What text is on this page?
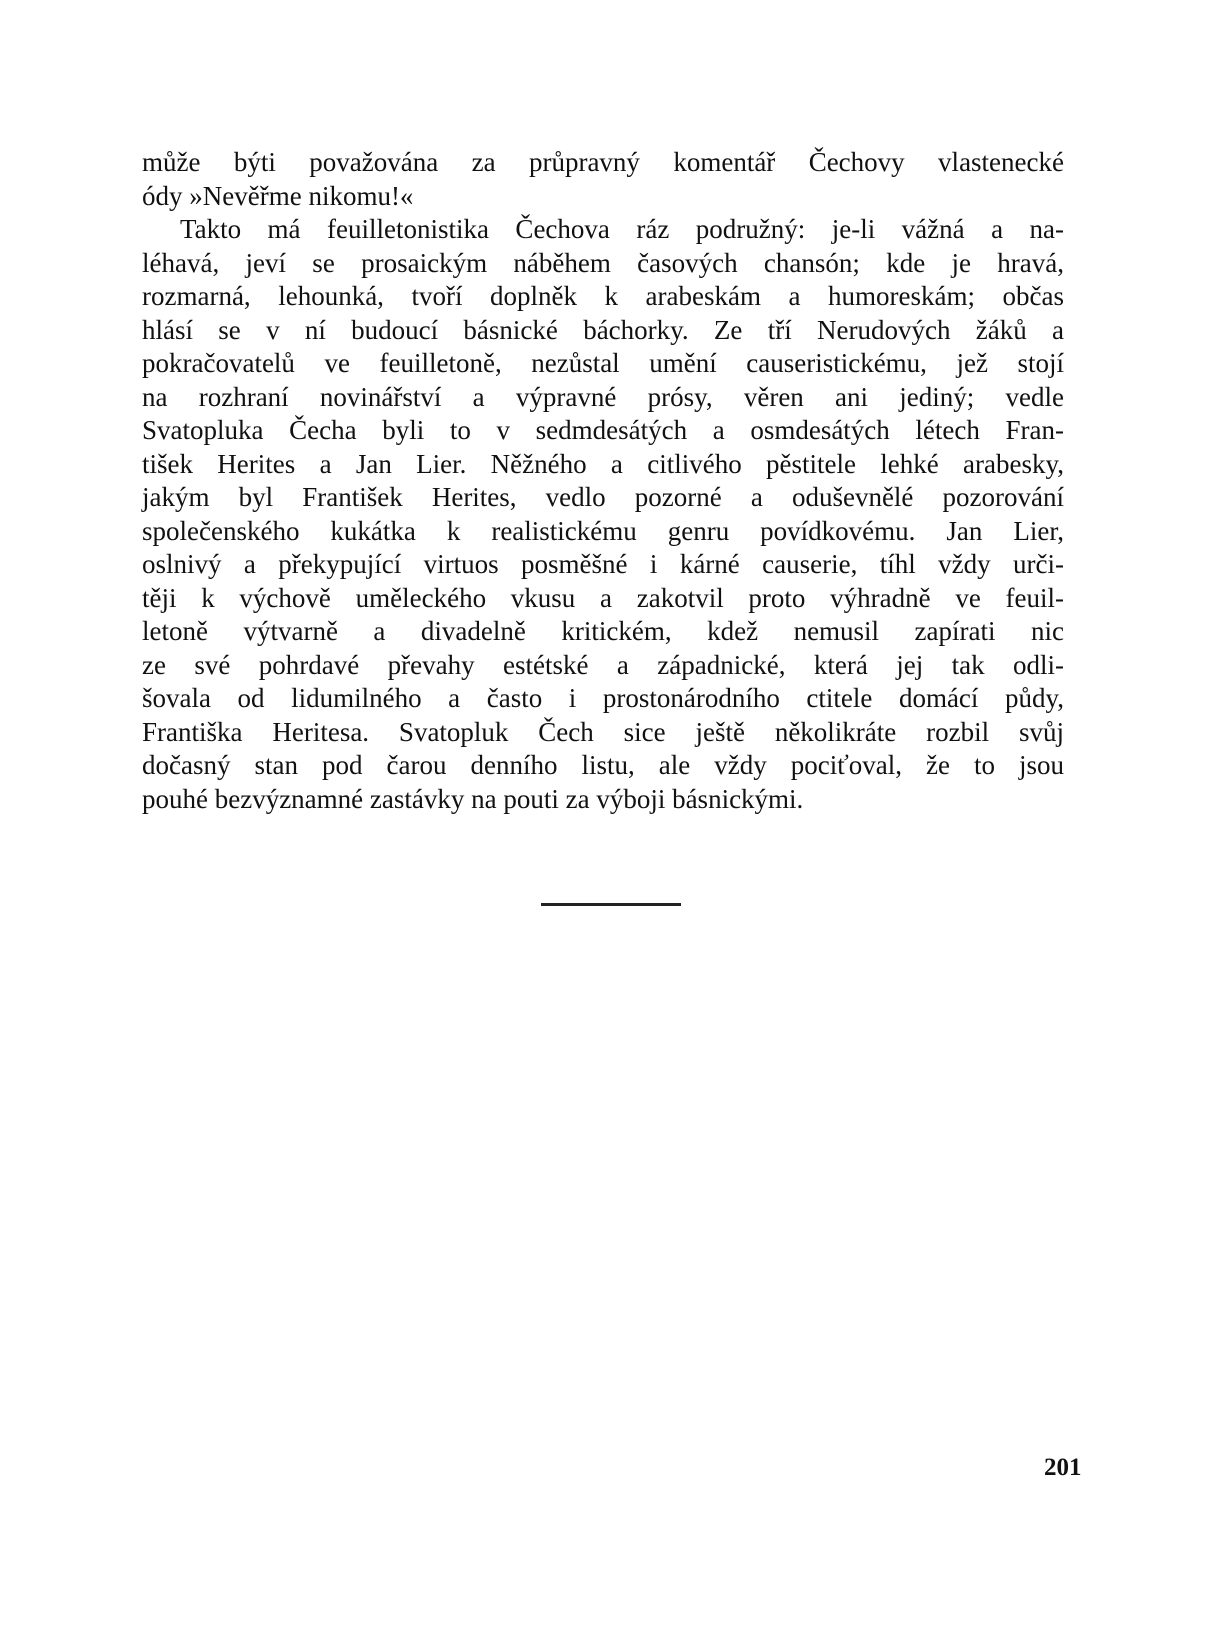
může býti považována za průpravný komentář Čechovy vlastenecké
ódy »Nevěřme nikomu!«
Takto má feuilletonistika Čechova ráz podružný: je-li vážná a na-
léhavá, jeví se prosaickým náběhem časových chansón; kde je hravá,
rozmarná, lehounká, tvoří doplněk k arabeskám a humoreskám; občas
hlásí se v ní budoucí básnické báchorky. Ze tří Nerudových žáků a
pokračovatelů ve feuilletoně, nezůstal umění causeristickému, jež stojí
na rozhraní novinářství a výpravné prósy, věren ani jediný; vedle
Svatopluka Čecha byli to v sedmdesátých a osmdesátých létech Fran-
tišek Herites a Jan Lier. Něžného a citlivého pěstitele lehké arabesky,
jakým byl František Herites, vedlo pozorné a oduševnělé pozorování
společenského kukátka k realistickému genru povídkovému. Jan Lier,
oslnivý a překypující virtuos posměšné i kárné causerie, tíhl vždy urči-
těji k výchově uměleckého vkusu a zakotvil proto výhradně ve feuil-
letoně výtvarně a divadelně kritickém, kdež nemusil zapírati nic
ze své pohrdavé převahy estétské a západnické, která jej tak odli-
šovala od lidumilného a často i prostonárodního ctitele domácí půdy,
Františka Heritesa. Svatopluk Čech sice ještě několikráte rozbil svůj
dočasný stan pod čarou denního listu, ale vždy pociťoval, že to jsou
pouhé bezvýznamné zastávky na pouti za výboji básnickými.
201
